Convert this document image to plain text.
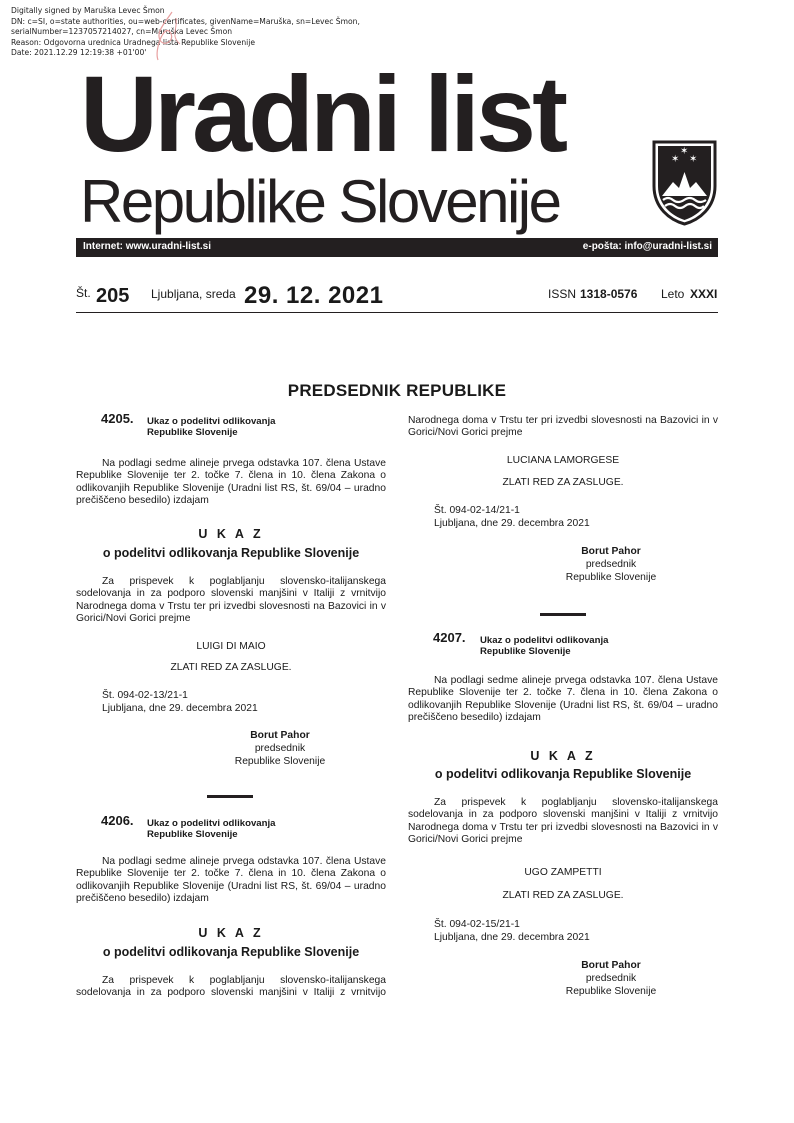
Digitally signed by Maruška Levec Šmon
DN: c=SI, o=state authorities, ou=web-certificates, givenName=Maruška, sn=Levec Šmon,
serialNumber=1237057214027, cn=Maruška Levec Šmon
Reason: Odgovorna urednica Uradnega lista Republike Slovenije
Date: 2021.12.29 12:19:38 +01'00'
Uradni list
Republike Slovenije
✶ ✶
✶
Internet: www.uradni-list.si	e-pošta: info@uradni-list.si
Št. 205 Ljubljana, sreda 29. 12. 2021	ISSN 1318-0576 Leto XXXI
PREDSEDNIK REPUBLIKE
4205. Ukaz o podelitvi odlikovanja Republike Slovenije
Na podlagi sedme alineje prvega odstavka 107. člena Ustave Republike Slovenije ter 2. točke 7. člena in 10. člena Zakona o odlikovanjih Republike Slovenije (Uradni list RS, št. 69/04 – uradno prečiščeno besedilo) izdajam
U K A Z
o podelitvi odlikovanja Republike Slovenije
Za prispevek k poglabljanju slovensko-italijanskega sodelovanja in za podporo slovenski manjšini v Italiji z vrnitvijo Narodnega doma v Trstu ter pri izvedbi slovesnosti na Bazovici in v Gorici/Novi Gorici prejme
LUIGI DI MAIO
ZLATI RED ZA ZASLUGE.
Št. 094-02-13/21-1
Ljubljana, dne 29. decembra 2021
Borut Pahor
predsednik
Republike Slovenije
4206. Ukaz o podelitvi odlikovanja Republike Slovenije
Na podlagi sedme alineje prvega odstavka 107. člena Ustave Republike Slovenije ter 2. točke 7. člena in 10. člena Zakona o odlikovanjih Republike Slovenije (Uradni list RS, št. 69/04 – uradno prečiščeno besedilo) izdajam
U K A Z
o podelitvi odlikovanja Republike Slovenije
Za prispevek k poglabljanju slovensko-italijanskega sodelovanja in za podporo slovenski manjšini v Italiji z vrnitvijo
Narodnega doma v Trstu ter pri izvedbi slovesnosti na Bazovici in v Gorici/Novi Gorici prejme
LUCIANA LAMORGESE
ZLATI RED ZA ZASLUGE.
Št. 094-02-14/21-1
Ljubljana, dne 29. decembra 2021
Borut Pahor
predsednik
Republike Slovenije
4207. Ukaz o podelitvi odlikovanja Republike Slovenije
Na podlagi sedme alineje prvega odstavka 107. člena Ustave Republike Slovenije ter 2. točke 7. člena in 10. člena Zakona o odlikovanjih Republike Slovenije (Uradni list RS, št. 69/04 – uradno prečiščeno besedilo) izdajam
U K A Z
o podelitvi odlikovanja Republike Slovenije
Za prispevek k poglabljanju slovensko-italijanskega sodelovanja in za podporo slovenski manjšini v Italiji z vrnitvijo Narodnega doma v Trstu ter pri izvedbi slovesnosti na Bazovici in v Gorici/Novi Gorici prejme
UGO ZAMPETTI
ZLATI RED ZA ZASLUGE.
Št. 094-02-15/21-1
Ljubljana, dne 29. decembra 2021
Borut Pahor
predsednik
Republike Slovenije
